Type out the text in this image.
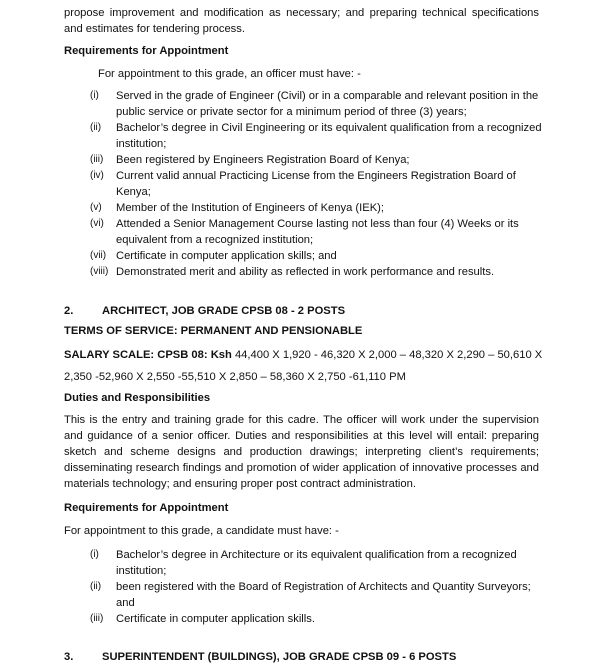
propose improvement and modification as necessary; and preparing technical specifications
and estimates for tendering process.
Requirements for Appointment
For appointment to this grade, an officer must have: -
(i) Served in the grade of Engineer (Civil) or in a comparable and relevant position in the
public service or private sector for a minimum period of three (3) years;
(ii) Bachelor’s degree in Civil Engineering or its equivalent qualification from a recognized
institution;
(iii) Been registered by Engineers Registration Board of Kenya;
(iv) Current valid annual Practicing License from the Engineers Registration Board of
Kenya;
(v) Member of the Institution of Engineers of Kenya (IEK);
(vi) Attended a Senior Management Course lasting not less than four (4) Weeks or its
equivalent from a recognized institution;
(vii) Certificate in computer application skills; and
(viii) Demonstrated merit and ability as reflected in work performance and results.
2.	ARCHITECT, JOB GRADE CPSB 08 - 2 POSTS
TERMS OF SERVICE: PERMANENT AND PENSIONABLE
SALARY SCALE: CPSB 08: Ksh 44,400 X 1,920 - 46,320 X 2,000 – 48,320 X 2,290 – 50,610 X
2,350 -52,960 X 2,550 -55,510 X 2,850 – 58,360 X 2,750 -61,110 PM
Duties and Responsibilities
This is the entry and training grade for this cadre. The officer will work under the supervision
and guidance of a senior officer. Duties and responsibilities at this level will entail: preparing
sketch and scheme designs and production drawings; interpreting client’s requirements;
disseminating research findings and promotion of wider application of innovative processes and
materials technology; and ensuring proper post contract administration.
Requirements for Appointment
For appointment to this grade, a candidate must have: -
(i) Bachelor’s degree in Architecture or its equivalent qualification from a recognized
institution;
(ii) been registered with the Board of Registration of Architects and Quantity Surveyors;
and
(iii) Certificate in computer application skills.
3.	SUPERINTENDENT (BUILDINGS), JOB GRADE CPSB 09 - 6 POSTS
